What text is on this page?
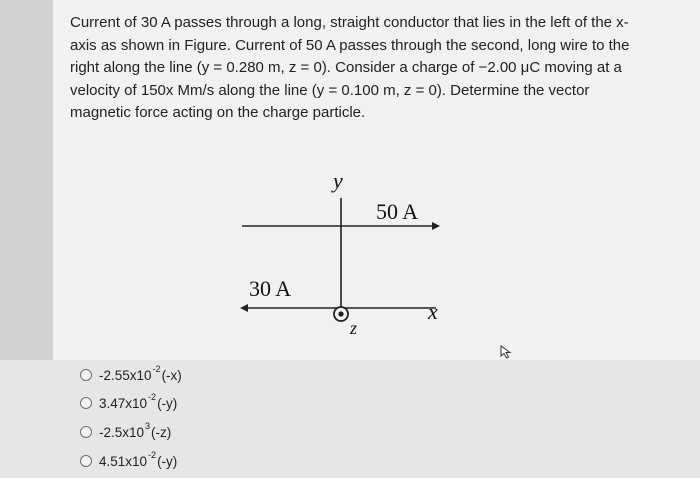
Current of 30 A passes through a long, straight conductor that lies in the left of the x-axis as shown in Figure. Current of 50 A passes through the second, long wire to the right along the line (y = 0.280 m, z = 0). Consider a charge of −2.00 μC moving at a velocity of 150x Mm/s along the line (y = 0.100 m, z = 0). Determine the vector magnetic force acting on the charge particle.

y
50 A
30 A
x
z
-2.55x10 -2 (-x)
3.47x10 -2 (-y)
-2.5x10 3 (-z)
4.51x10 -2 (-y)
